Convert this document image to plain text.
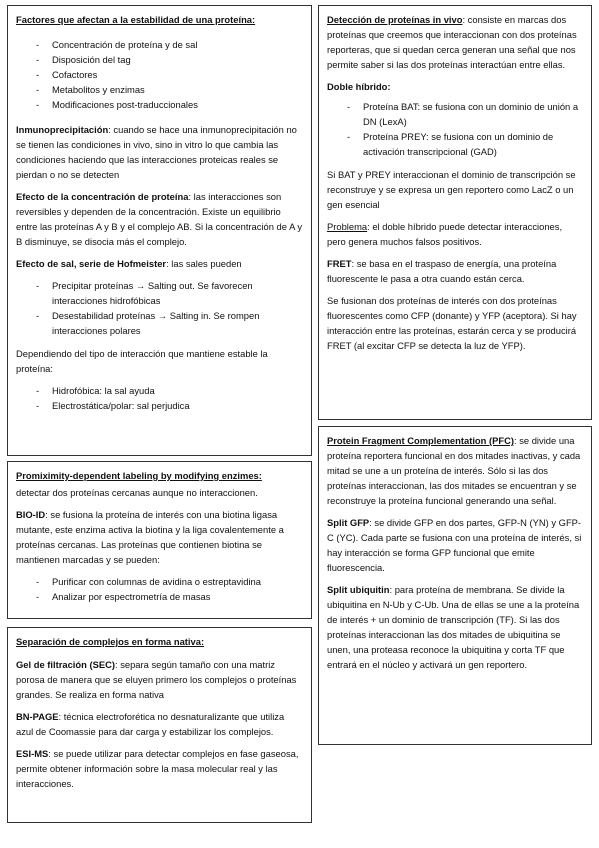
Factores que afectan a la estabilidad de una proteína:

- Concentración de proteína y de sal
- Disposición del tag
- Cofactores
- Metabolitos y enzimas
- Modificaciones post-traduccionales

Inmunoprecipitación: cuando se hace una inmunoprecipitación no se tienen las condiciones in vivo, sino in vitro lo que cambia las condiciones haciendo que las interacciones proteicas reales se pierdan o no se detecten

Efecto de la concentración de proteína: las interacciones son reversibles y dependen de la concentración. Existe un equilibrio entre las proteínas A y B y el complejo AB. Si la concentración de A y B disminuye, se disocia más el complejo.

Efecto de sal, serie de Hofmeister: las sales pueden

- Precipitar proteínas → Salting out. Se favorecen interacciones hidrofóbicas
- Desestabilidad proteínas → Salting in. Se rompen interacciones polares

Dependiendo del tipo de interacción que mantiene estable la proteína:

- Hidrofóbica: la sal ayuda
- Electrostática/polar: sal perjudica

Promiximity-dependent labeling by modifying enzimes:

detectar dos proteínas cercanas aunque no interaccionen.

BIO-ID: se fusiona la proteína de interés con una biotina ligasa mutante, este enzima activa la biotina y la liga covalentemente a proteínas cercanas. Las proteínas que contienen biotina se mantienen marcadas y se pueden:

- Purificar con columnas de avidina o estreptavidina
- Analizar por espectrometría de masas

Separación de complejos en forma nativa:

Gel de filtración (SEC): separa según tamaño con una matriz porosa de manera que se eluyen primero los complejos o proteínas grandes. Se realiza en forma nativa

BN-PAGE: técnica electroforética no desnaturalizante que utiliza azul de Coomassie para dar carga y estabilizar los complejos.

ESI-MS: se puede utilizar para detectar complejos en fase gaseosa, permite obtener información sobre la masa molecular real y las interacciones.

Detección de proteínas in vivo: consiste en marcas dos proteínas que creemos que interaccionan con dos proteínas reporteras, que si quedan cerca generan una señal que nos permite saber si las dos proteínas interactúan entre ellas.

Doble híbrido:

- Proteína BAT: se fusiona con un dominio de unión a DN (LexA)
- Proteína PREY: se fusiona con un dominio de activación transcripcional (GAD)

Si BAT y PREY interaccionan el dominio de transcripción se reconstruye y se expresa un gen reportero como LacZ o un gen esencial

Problema: el doble híbrido puede detectar interacciones, pero genera muchos falsos positivos.

FRET: se basa en el traspaso de energía, una proteína fluorescente le pasa a otra cuando están cerca.

Se fusionan dos proteínas de interés con dos proteínas fluorescentes como CFP (donante) y YFP (aceptora). Si hay interacción entre las proteínas, estarán cerca y se producirá FRET (al excitar CFP se detecta la luz de YFP).

Protein Fragment Complementation (PFC): se divide una proteína reportera funcional en dos mitades inactivas, y cada mitad se une a un proteína de interés. Sólo si las dos proteínas interaccionan, las dos mitades se encuentran y se reconstruye la proteína funcional generando una señal.

Split GFP: se divide GFP en dos partes, GFP-N (YN) y GFP-C (YC). Cada parte se fusiona con una proteína de interés, si hay interacción se forma GFP funcional que emite fluorescencia.

Split ubiquitin: para proteína de membrana. Se divide la ubiquitina en N-Ub y C-Ub. Una de ellas se une a la proteína de interés + un dominio de transcripción (TF). Si las dos proteínas interaccionan las dos mitades de ubiquitina se unen, una proteasa reconoce la ubiquitina y corta TF que entrará en el núcleo y activará un gen reportero.
